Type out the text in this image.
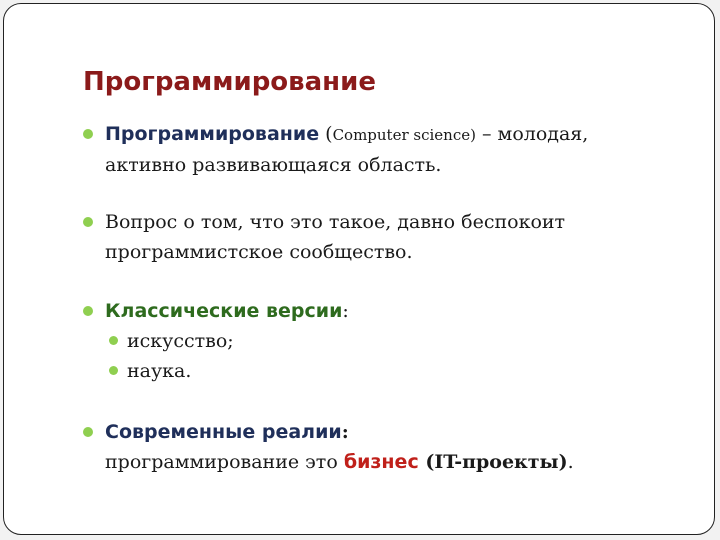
Программирование
Программирование (Computer science) – молодая,
активно развивающаяся область.
Вопрос о том, что это такое, давно беспокоит
программистское сообщество.
Классические версии:
искусство;
наука.
Современные реалии:
программирование это бизнес (IT-проекты).
